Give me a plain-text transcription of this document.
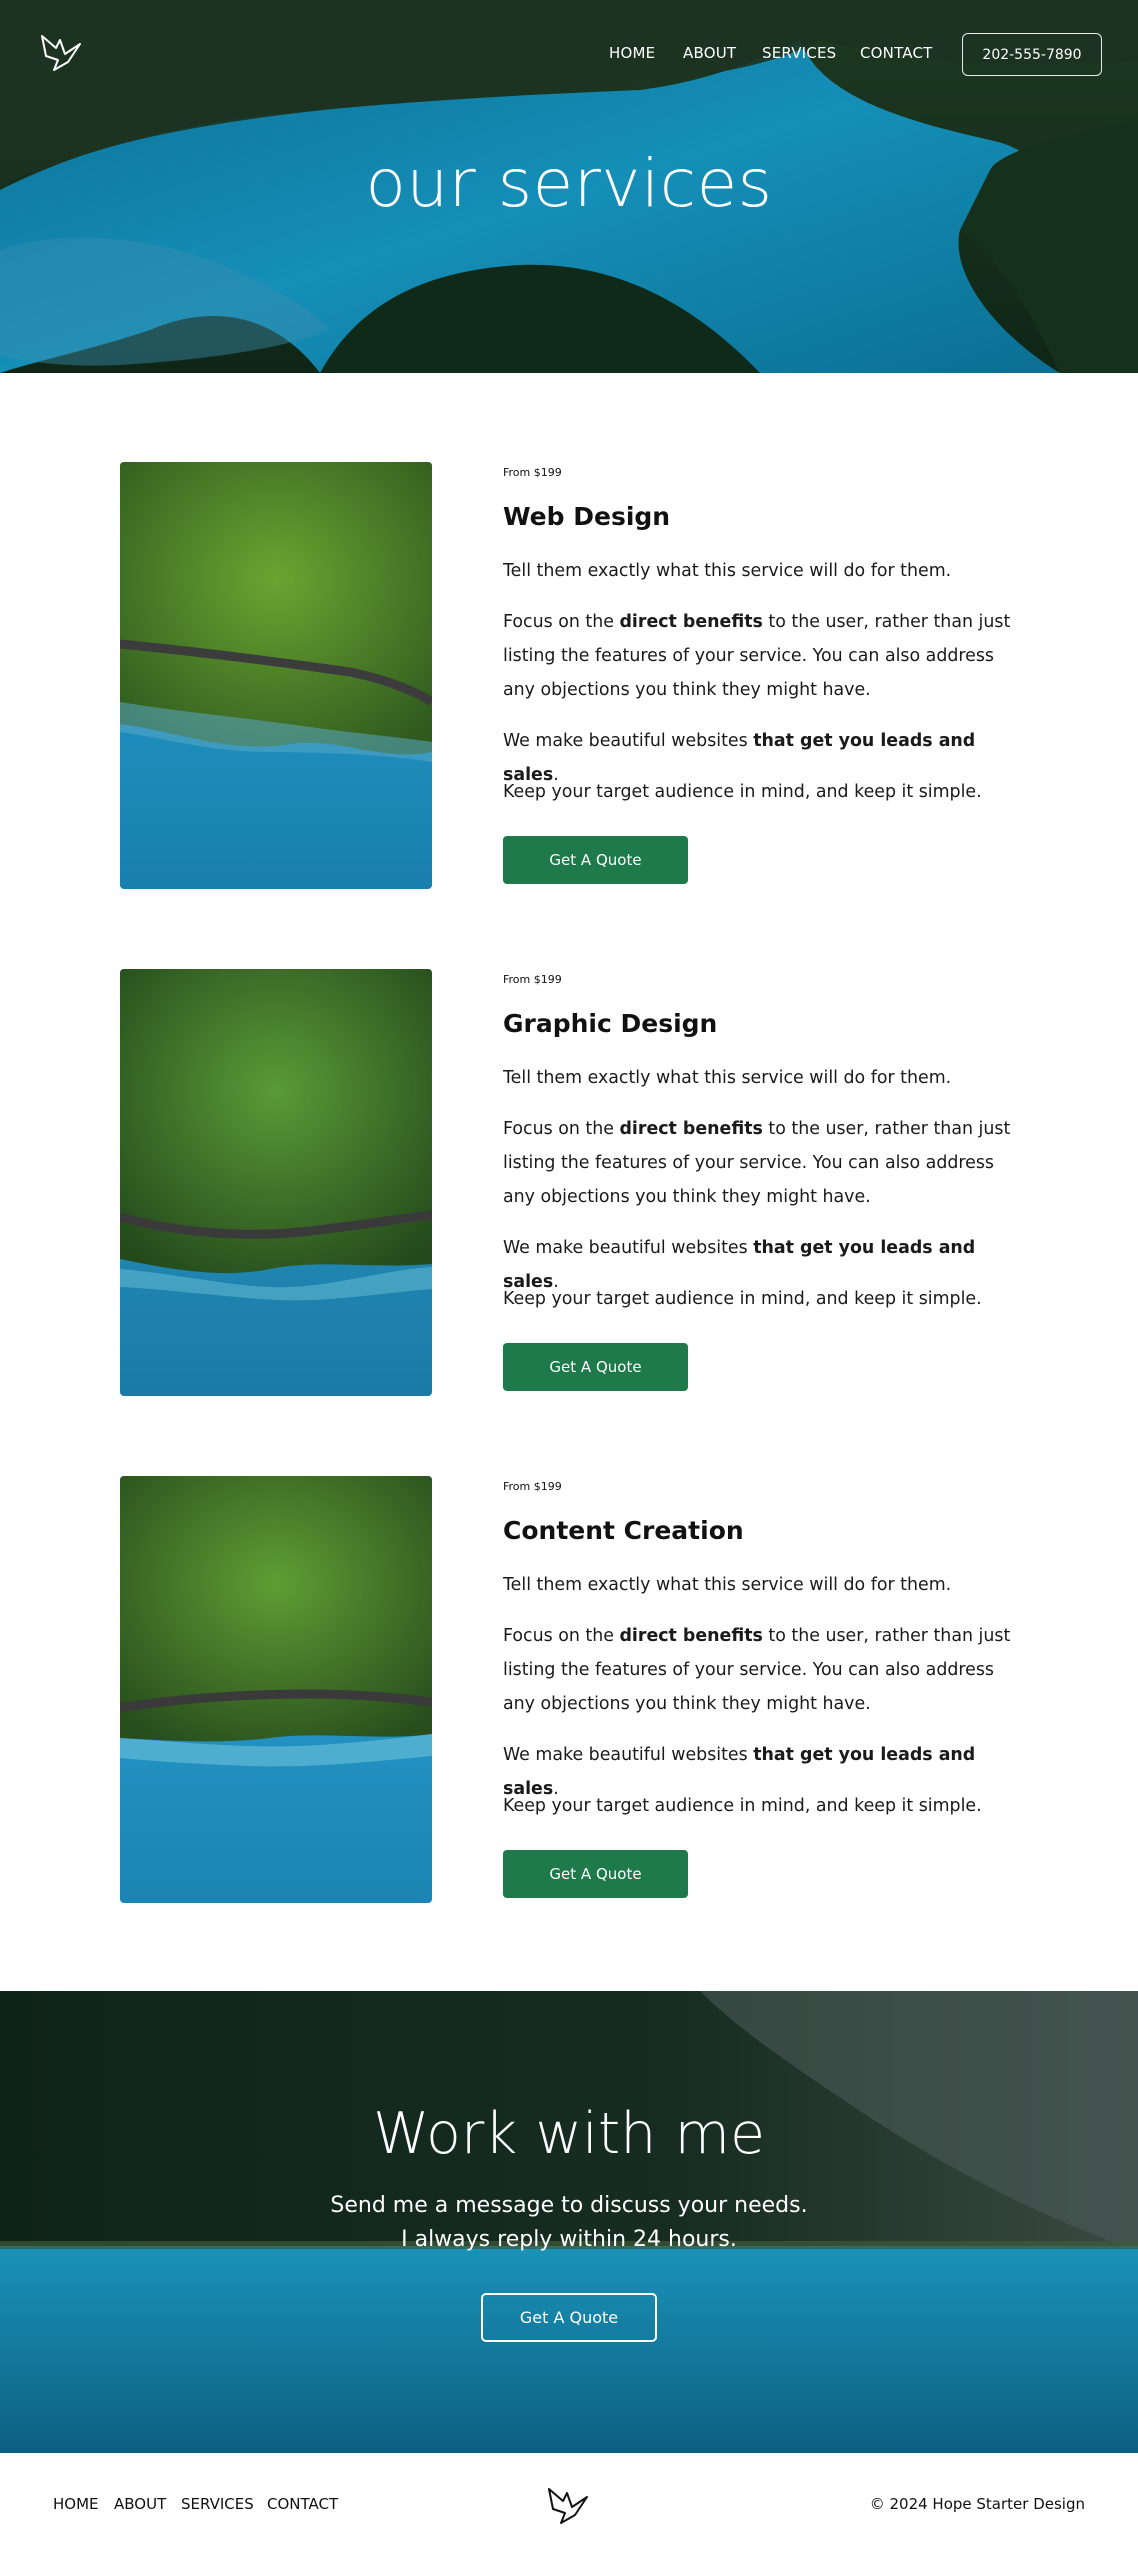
HOME ABOUT SERVICES CONTACT	202-555-7890
our services
From $199
Web Design

Tell them exactly what this service will do for them.

Focus on the direct benefits to the user, rather than just listing the features of your service. You can also address any objections you think they might have.

We make beautiful websites that get you leads and sales.

Keep your target audience in mind, and keep it simple.

Get A Quote
From $199
Graphic Design

Tell them exactly what this service will do for them.

Focus on the direct benefits to the user, rather than just listing the features of your service. You can also address any objections you think they might have.

We make beautiful websites that get you leads and sales.

Keep your target audience in mind, and keep it simple.

Get A Quote
From $199
Content Creation

Tell them exactly what this service will do for them.

Focus on the direct benefits to the user, rather than just listing the features of your service. You can also address any objections you think they might have.

We make beautiful websites that get you leads and sales.

Keep your target audience in mind, and keep it simple.

Get A Quote
Work with me

Send me a message to discuss your needs.

I always reply within 24 hours.

Get A Quote
HOME ABOUT SERVICES CONTACT	© 2024 Hope Starter Design
